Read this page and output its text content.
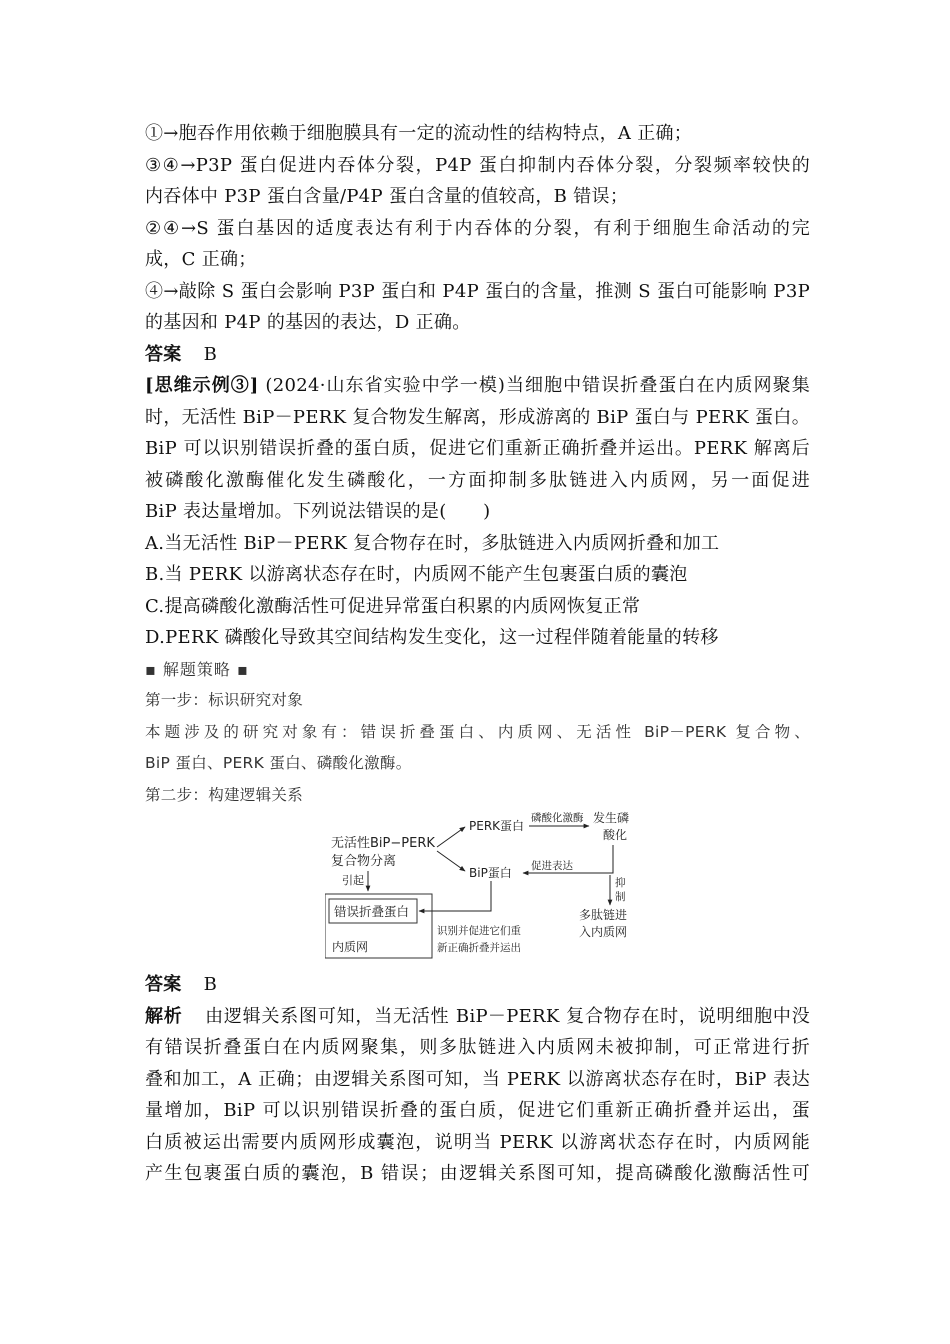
①→胞吞作用依赖于细胞膜具有一定的流动性的结构特点，A 正确；
③④→P3P 蛋白促进内吞体分裂，P4P 蛋白抑制内吞体分裂，分裂频率较快的
内吞体中 P3P 蛋白含量/P4P 蛋白含量的值较高，B 错误；
②④→S 蛋白基因的适度表达有利于内吞体的分裂，有利于细胞生命活动的完
成，C 正确；
④→敲除 S 蛋白会影响 P3P 蛋白和 P4P 蛋白的含量，推测 S 蛋白可能影响 P3P
的基因和 P4P 的基因的表达，D 正确。
答案 B
[思维示例③] (2024·山东省实验中学一模)当细胞中错误折叠蛋白在内质网聚集
时，无活性 BiP－PERK 复合物发生解离，形成游离的 BiP 蛋白与 PERK 蛋白。
BiP 可以识别错误折叠的蛋白质，促进它们重新正确折叠并运出。PERK 解离后
被磷酸化激酶催化发生磷酸化，一方面抑制多肽链进入内质网，另一面促进
BiP 表达量增加。下列说法错误的是(　　)
A.当无活性 BiP－PERK 复合物存在时，多肽链进入内质网折叠和加工
B.当 PERK 以游离状态存在时，内质网不能产生包裹蛋白质的囊泡
C.提高磷酸化激酶活性可促进异常蛋白积累的内质网恢复正常
D.PERK 磷酸化导致其空间结构发生变化，这一过程伴随着能量的转移
▪ 解题策略 ▪
第一步：标识研究对象
本题涉及的研究对象有：错误折叠蛋白、内质网、无活性 BiP－PERK 复合物、
BiP 蛋白、PERK 蛋白、磷酸化激酶。
第二步：构建逻辑关系
无活性BiP−PERK
复合物分离
引起
PERK蛋白
磷酸化激酶 发生磷
酸化
促进表达
BiP蛋白
抑
制
多肽链进
入内质网
错误折叠蛋白
内质网
识别并促进它们重
新正确折叠并运出
答案 B
解析 由逻辑关系图可知，当无活性 BiP－PERK 复合物存在时，说明细胞中没
有错误折叠蛋白在内质网聚集，则多肽链进入内质网未被抑制，可正常进行折
叠和加工，A 正确；由逻辑关系图可知，当 PERK 以游离状态存在时，BiP 表达
量增加，BiP 可以识别错误折叠的蛋白质，促进它们重新正确折叠并运出，蛋
白质被运出需要内质网形成囊泡，说明当 PERK 以游离状态存在时，内质网能
产生包裹蛋白质的囊泡，B 错误；由逻辑关系图可知，提高磷酸化激酶活性可
